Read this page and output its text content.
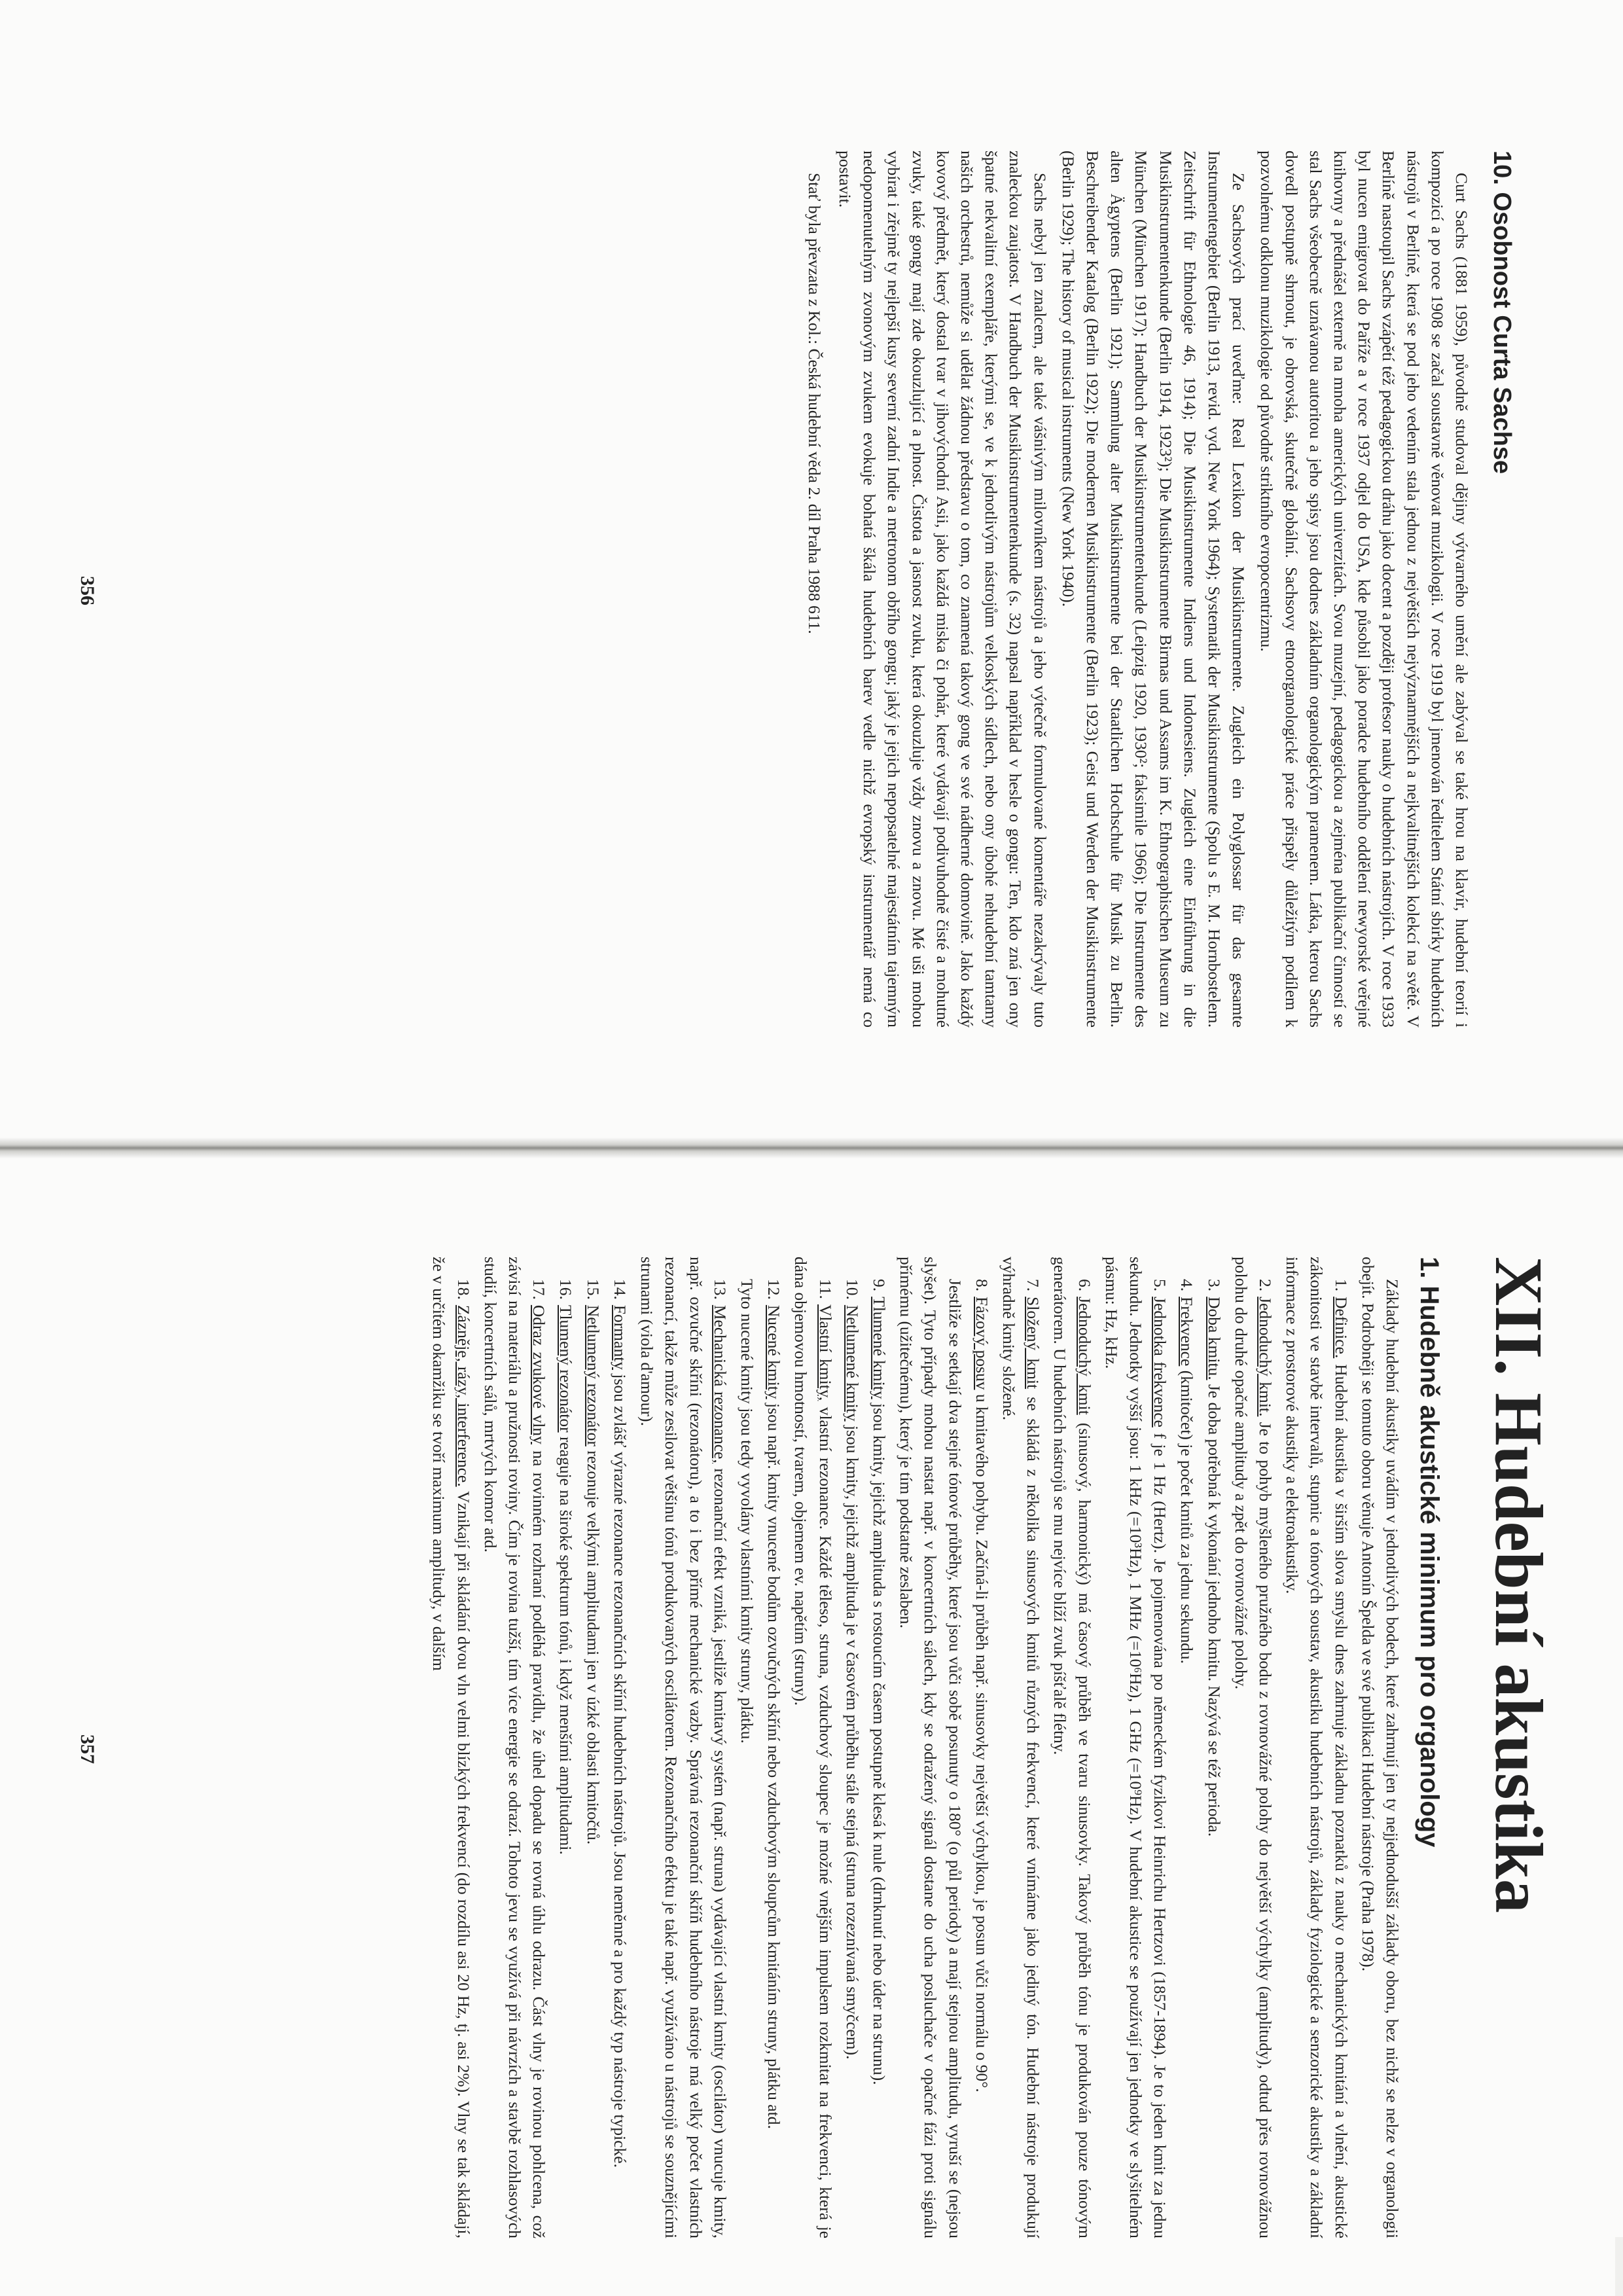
10. Osobnost Curta Sachse

Curt Sachs (1881 1959), původně studoval dějiny výtvarného umění ale zabýval se také hrou na klavír, hudební teorií i kompozicí a po roce 1908 se začal soustavně věnovat muzikologii. V roce 1919 byl jmenován ředitelem Státní sbírky hudebních nástrojů v Berlíně, která se pod jeho vedením stala jednou z největších nejvýznamnějších a nejkvalitnějších kolekcí na světě. V Berlíně nastoupil Sachs vzápětí též pedagogickou dráhu jako docent a později profesor nauky o hudebních nástrojích. V roce 1933 byl nucen emigrovat do Paříže a v roce 1937 odjel do USA, kde působil jako poradce hudebního oddělení newyorské veřejné knihovny a přednášel externě na mnoha amerických univerzitách. Svou muzejní, pedagogickou a zejména publikační činností se stal Sachs všeobecně uznávanou autoritou a jeho spisy jsou dodnes základním organologickým pramenem. Látka, kterou Sachs dovedl postupně shrnout, je obrovská, skutečně globální. Sachsovy etnoorganologické práce přispěly důležitým podílem k pozvolnému odklonu muzikologie od původně striktního evropocentrizmu.

Ze Sachsových prací uveďme: Real Lexikon der Musikinstrumente. Zugleich ein Polyglossar für das gesamte Instrumentengebiet (Berlin 1913, revid. vyd. New York 1964); Systematik der Musikinstrumente (Spolu s E. M. Hornbostelem. Zeitschrift für Ethnologie 46, 1914); Die Musikinstrumente Indiens und Indonesiens. Zugleich eine Einführung in die Musikinstrumentenkunde (Berlin 1914, 1923²); Die Musikinstrumente Birmas und Assams im K. Ethnographischen Museum zu München (München 1917); Handbuch der Musikinstrumentenkunde (Leipzig 1920, 1930²; faksimile 1966); Die Instrumente des alten Ägyptens (Berlin 1921); Sammlung alter Musikinstrumente bei der Staatlichen Hochschule für Musik zu Berlin. Beschreibender Katalog (Berlin 1922); Die modernen Musikinstrumente (Berlin 1923); Geist und Werden der Musikinstrumente (Berlin 1929); The history of musical instruments (New York 1940).

Sachs nebyl jen znalcem, ale také vášnivým milovníkem nástrojů a jeho výtečně formulované komentáře nezakrývaly tuto znaleckou zaujatost. V Handbuch der Musikinstrumentenkunde (s. 32) napsal například v hesle o gongu: Ten, kdo zná jen ony špatné nekvalitní exempláře, kterými se, ve k jednotlivým nástrojům velkoských sídlech, nebo ony úbohé nehudební tamtamy našich orchestrů, nemůže si udělat žádnou představu o tom, co znamená takový gong ve své nádherné domovině. Jako každý kovový předmět, který dostal tvar v jihovýchodní Asii, jako každá miska či pohár, které vydávají podivuhodně čisté a mohutné zvuky, také gongy mají zde okouzlující a plnost. Čistota a jasnost zvuku, která okouzluje vždy znovu a znovu. Mé uši mohou vybírat i zřejmě ty nejlepší kusy severní zadní Indie a metronom obřího gongu; jaký je jejich nepopsatelné majestátním tajemným nedopomenutelným zvonovým zvukem evokuje bohatá škála hudebních barev vedle nichž evropský instrumentář nemá co postavit.

Stať byla převzata z Kol.: Česká hudební věda 2. díl Praha 1988 611.

356
XII. Hudební akustika
1. Hudebně akustické minimum pro organology

Základy hudební akustiky uvádím v jednotlivých bodech, které zahrnují jen ty nejjednodušší základy oboru, bez nichž se nelze v organologii obejít. Podrobněji se tomuto oboru věnuje Antonín Špelda ve své publikaci Hudební nástroje (Praha 1978).

1.Definice. Hudební akustika v širším slova smyslu dnes zahrnuje základnu poznatků z nauky o mechanických kmitání a vlnění, akustické zákonitosti ve stavbě intervalů, stupnic a tónových soustav, akustiku hudebních nástrojů, základy fyziologické a senzorické akustiky a základní informace z prostorové akustiky a elektroakustiky.
2.Jednoduchý kmit. Je to pohyb myšleného pružného bodu z rovnovážné polohy do největší výchylky (amplitudy), odtud přes rovnovážnou polohu do druhé opačné amplitudy a zpět do rovnovážné polohy.
3.Doba kmitu. Je doba potřebná k vykonání jednoho kmitu. Nazývá se též perioda.
4.Frekvence (kmitočet) je počet kmitů za jednu sekundu.
5.Jednotka frekvence f je 1 Hz (Hertz). Je pojmenována po německém fyzikovi Heinrichu Hertzovi (1857-1894). Je to jeden kmit za jednu sekundu. Jednotky vyšší jsou: 1 kHz (=10³Hz), 1 MHz (=10⁶Hz), 1 GHz (=10⁹Hz). V hudební akustice se používají jen jednotky ve slyšitelném pásmu: Hz, kHz.
6.Jednoduchý kmit (sinusový, harmonický) má časový průběh ve tvaru sinusovky. Takový průběh tónu je produkován pouze tónovým generátorem. U hudebních nástrojů se mu nejvíce blíží zvuk píšťalě flétny.
7.Složený kmit se skládá z několika sinusových kmitů různých frekvencí, které vnímáme jako jediný tón. Hudební nástroje produkují výhradně kmity složené.
8.Fázový posuv u kmitavého pohybu. Začíná-li průběh např. sinusovky největší výchylkou, je posun vůči normálu o 90°.
Jestliže se setkají dva stejné tónové průběhy, které jsou vůči sobě posunuty o 180° (o půl periody) a mají stejnou amplitudu, vyruší se (nejsou slyšet). Tyto případy mohou nastat např. v koncertních sálech, kdy se odražený signál dostane do ucha posluchače v opačné fázi proti signálu přímému (užitečnému), který je tím podstatně zeslaben.
9.Tlumené kmity jsou kmity, jejichž amplituda s rostoucím časem postupně klesá k nule (drnknutí nebo úder na strunu).
10.Netlumené kmity jsou kmity, jejichž amplituda je v časovém průběhu stále stejná (struna rozeznívaná smyčcem).
11.Vlastní kmity, vlastní rezonance. Každé těleso, struna, vzduchový sloupec je možné vnějším impulsem rozkmitat na frekvenci, která je dána objemovou hmotností, tvarem, objemem ev. napětím (struny).
12.Nucené kmity jsou např. kmity vnucené bodům ozvučných skříní nebo vzduchovým sloupcům kmitáním struny, plátku atd.
Tyto nucené kmity jsou tedy vyvolány vlastními kmity struny, plátku.
13.Mechanická rezonance, rezonanční efekt vzniká, jestliže kmitavý systém (např. struna) vydávající vlastní kmity (oscilátor) vnucuje kmity, např. ozvučné skříni (rezonátoru), a to i bez přímé mechanické vazby. Správná rezonanční skříň hudebního nástroje má velký počet vlastních rezonancí, takže může zesilovat většinu tónů produkovaných oscilátorem. Rezonančního efektu je také např. využíváno u nástrojů se souznějícími strunami (viola d'amour).
14.Formanty jsou zvlášť výrazné rezonance rezonančních skříní hudebních nástrojů. Jsou neměnné a pro každý typ nástroje typické.
15.Netlumený rezonátor rezonuje velkými amplitudami jen v úzké oblasti kmitočtů.
16.Tlumený rezonátor reaguje na široké spektrum tónů, i když menšími amplitudami.
17.Odraz zvukové vlny na rovinném rozhraní podléhá pravidlu, že úhel dopadu se rovná úhlu odrazu. Část vlny je rovinou pohlcena, což závisí na materiálu a pružnosti roviny. Čím je rovina tužší, tím více energie se odrazí. Tohoto jevu se využívá při návrzích a stavbě rozhlasových studií, koncertních sálů, mrtvých komor atd.
18.Zázněje, rázy, interference. Vznikají při skládání dvou vln velmi blízkých frekvencí (do rozdílu asi 20 Hz, tj. asi 2%). Vlny se tak skládají, že v určitém okamžiku se tvoří maximum amplitudy, v dalším
357
